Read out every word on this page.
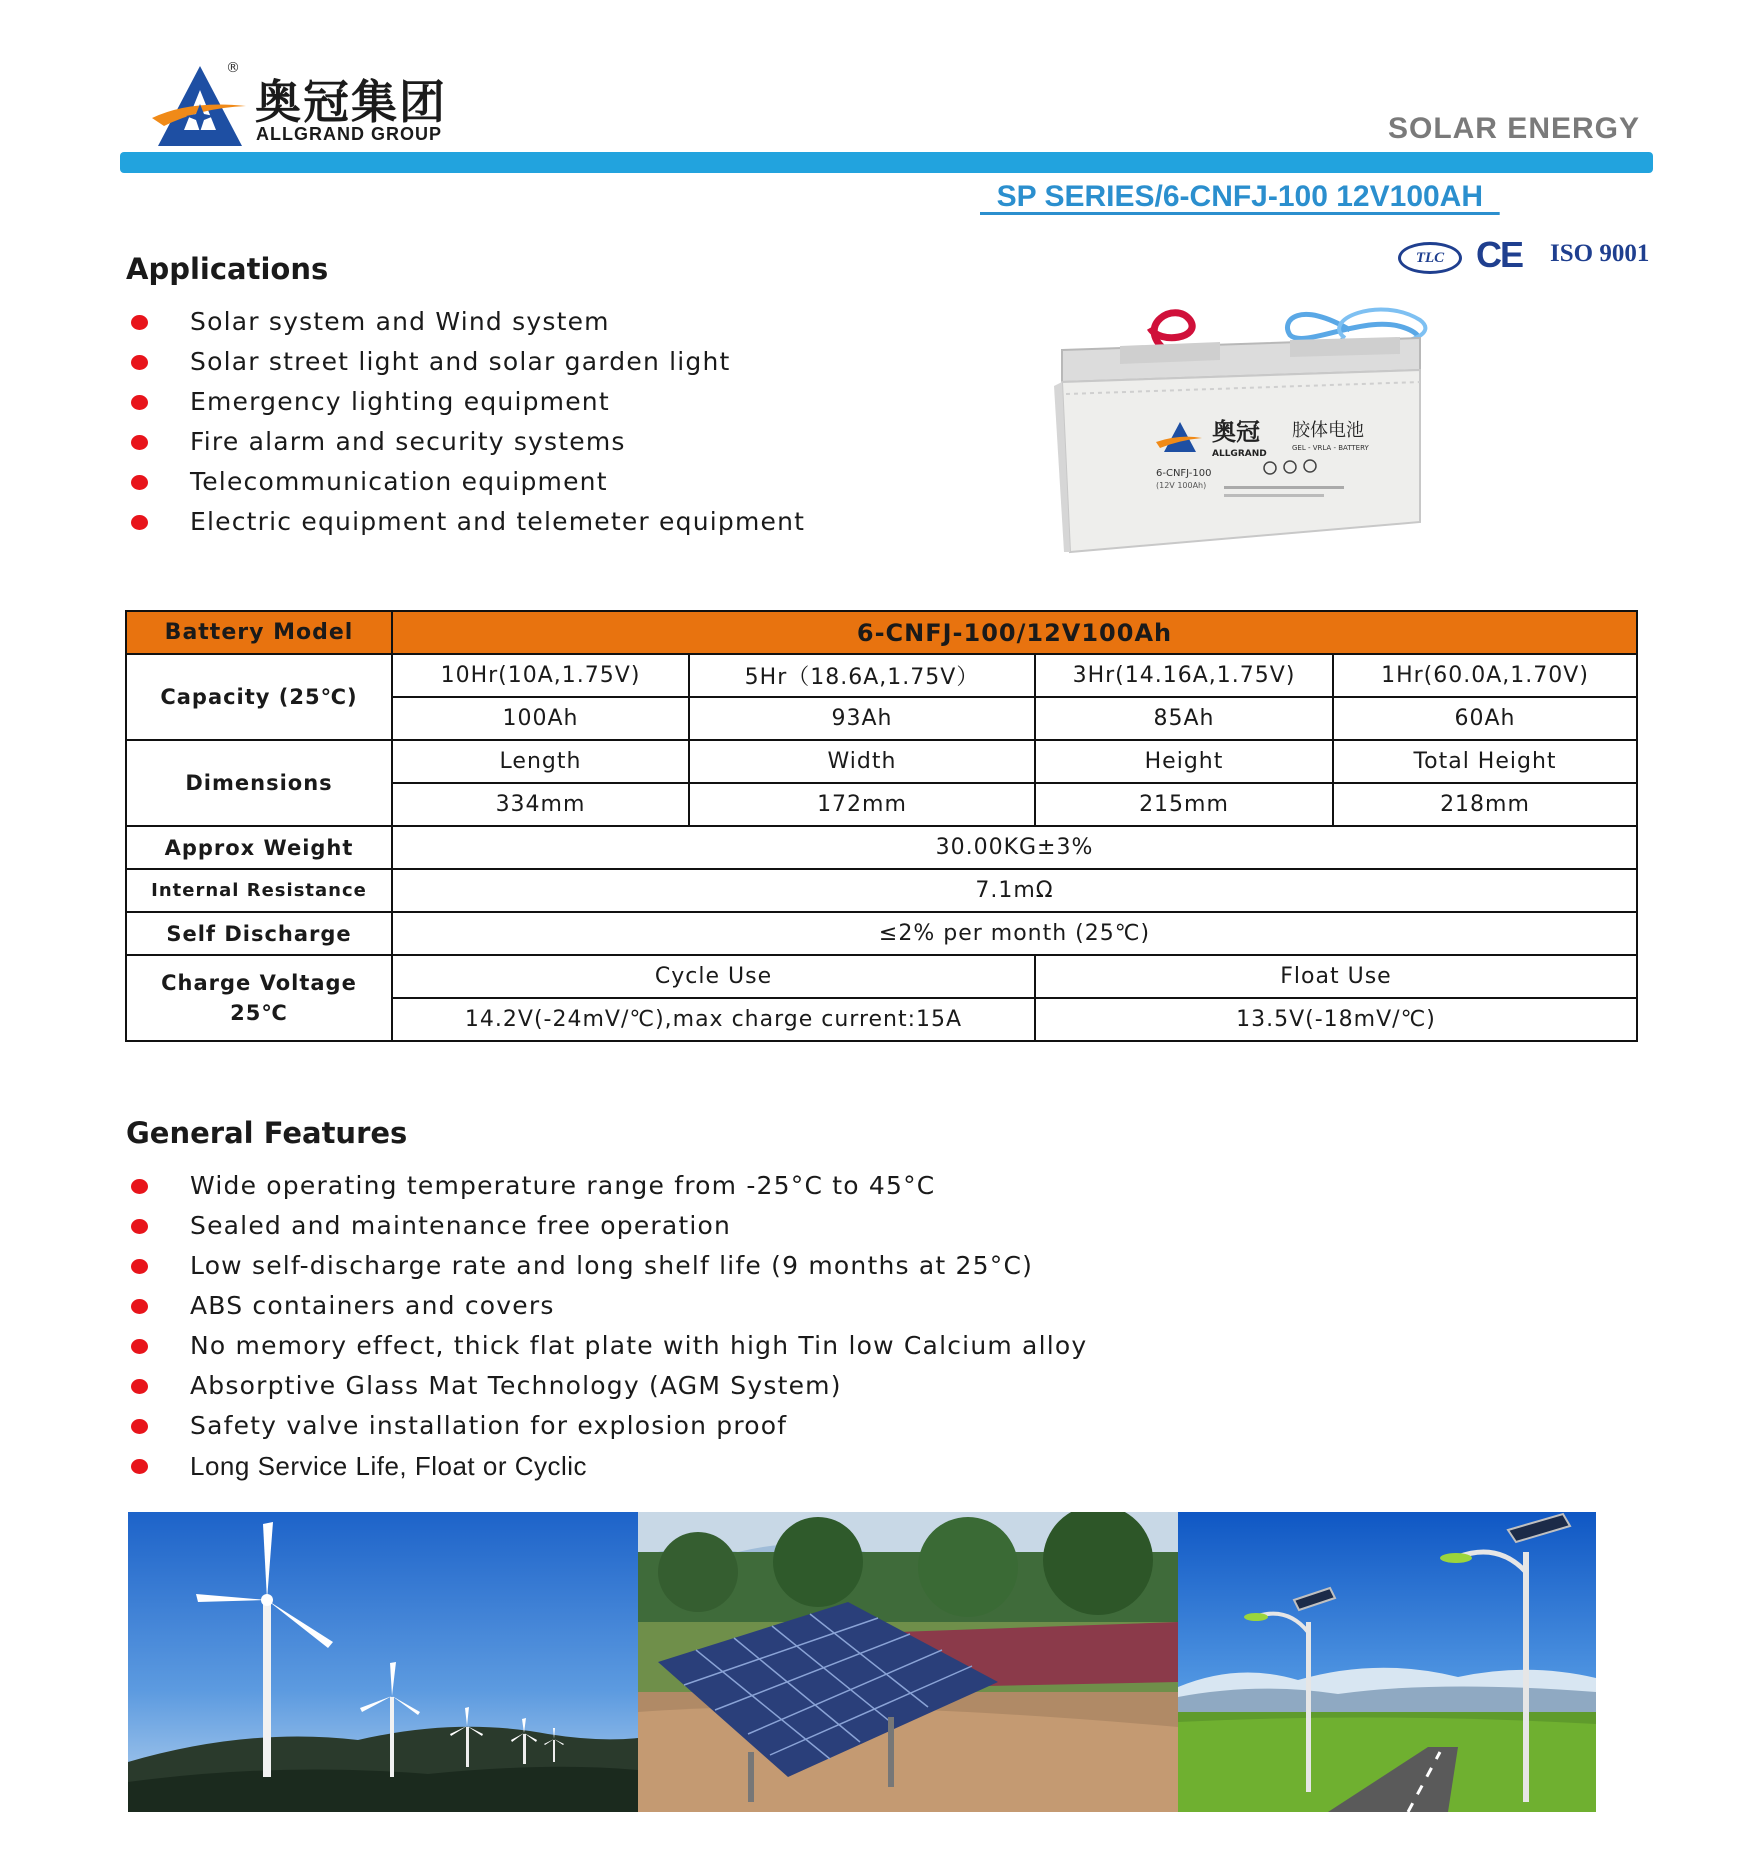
®
奥冠集团
ALLGRAND GROUP	SOLAR ENERGY
SP SERIES/6-CNFJ-100 12V100AH
TLC CE ISO 9001
Applications
Solar system and Wind system
Solar street light and solar garden light
Emergency lighting equipment
Fire alarm and security systems
Telecommunication equipment
Electric equipment and telemeter equipment
奥冠
ALLGRAND
胶体电池
GEL - VRLA - BATTERY
6-CNFJ-100
(12V 100Ah)
Battery Model	6-CNFJ-100/12V100Ah			
Capacity (25℃)	10Hr(10A,1.75V)	5Hr（18.6A,1.75V）	3Hr(14.16A,1.75V)	1Hr(60.0A,1.70V)
	100Ah	93Ah	85Ah	60Ah
Dimensions	Length	Width	Height	Total Height
	334mm	172mm	215mm	218mm
Approx Weight	30.00KG±3%			
Internal Resistance	7.1mΩ			
Self Discharge	≤2% per month (25℃)			

Charge Voltage
25℃	Cycle Use		Float Use	
	14.2V(-24mV/℃),max charge current:15A		13.5V(-18mV/℃)	
General Features
Wide operating temperature range from -25°C to 45°C
Sealed and maintenance free operation
Low self-discharge rate and long shelf life (9 months at 25°C)
ABS containers and covers
No memory effect, thick flat plate with high Tin low Calcium alloy
Absorptive Glass Mat Technology (AGM System)
Safety valve installation for explosion proof
Long Service Life, Float or Cyclic
